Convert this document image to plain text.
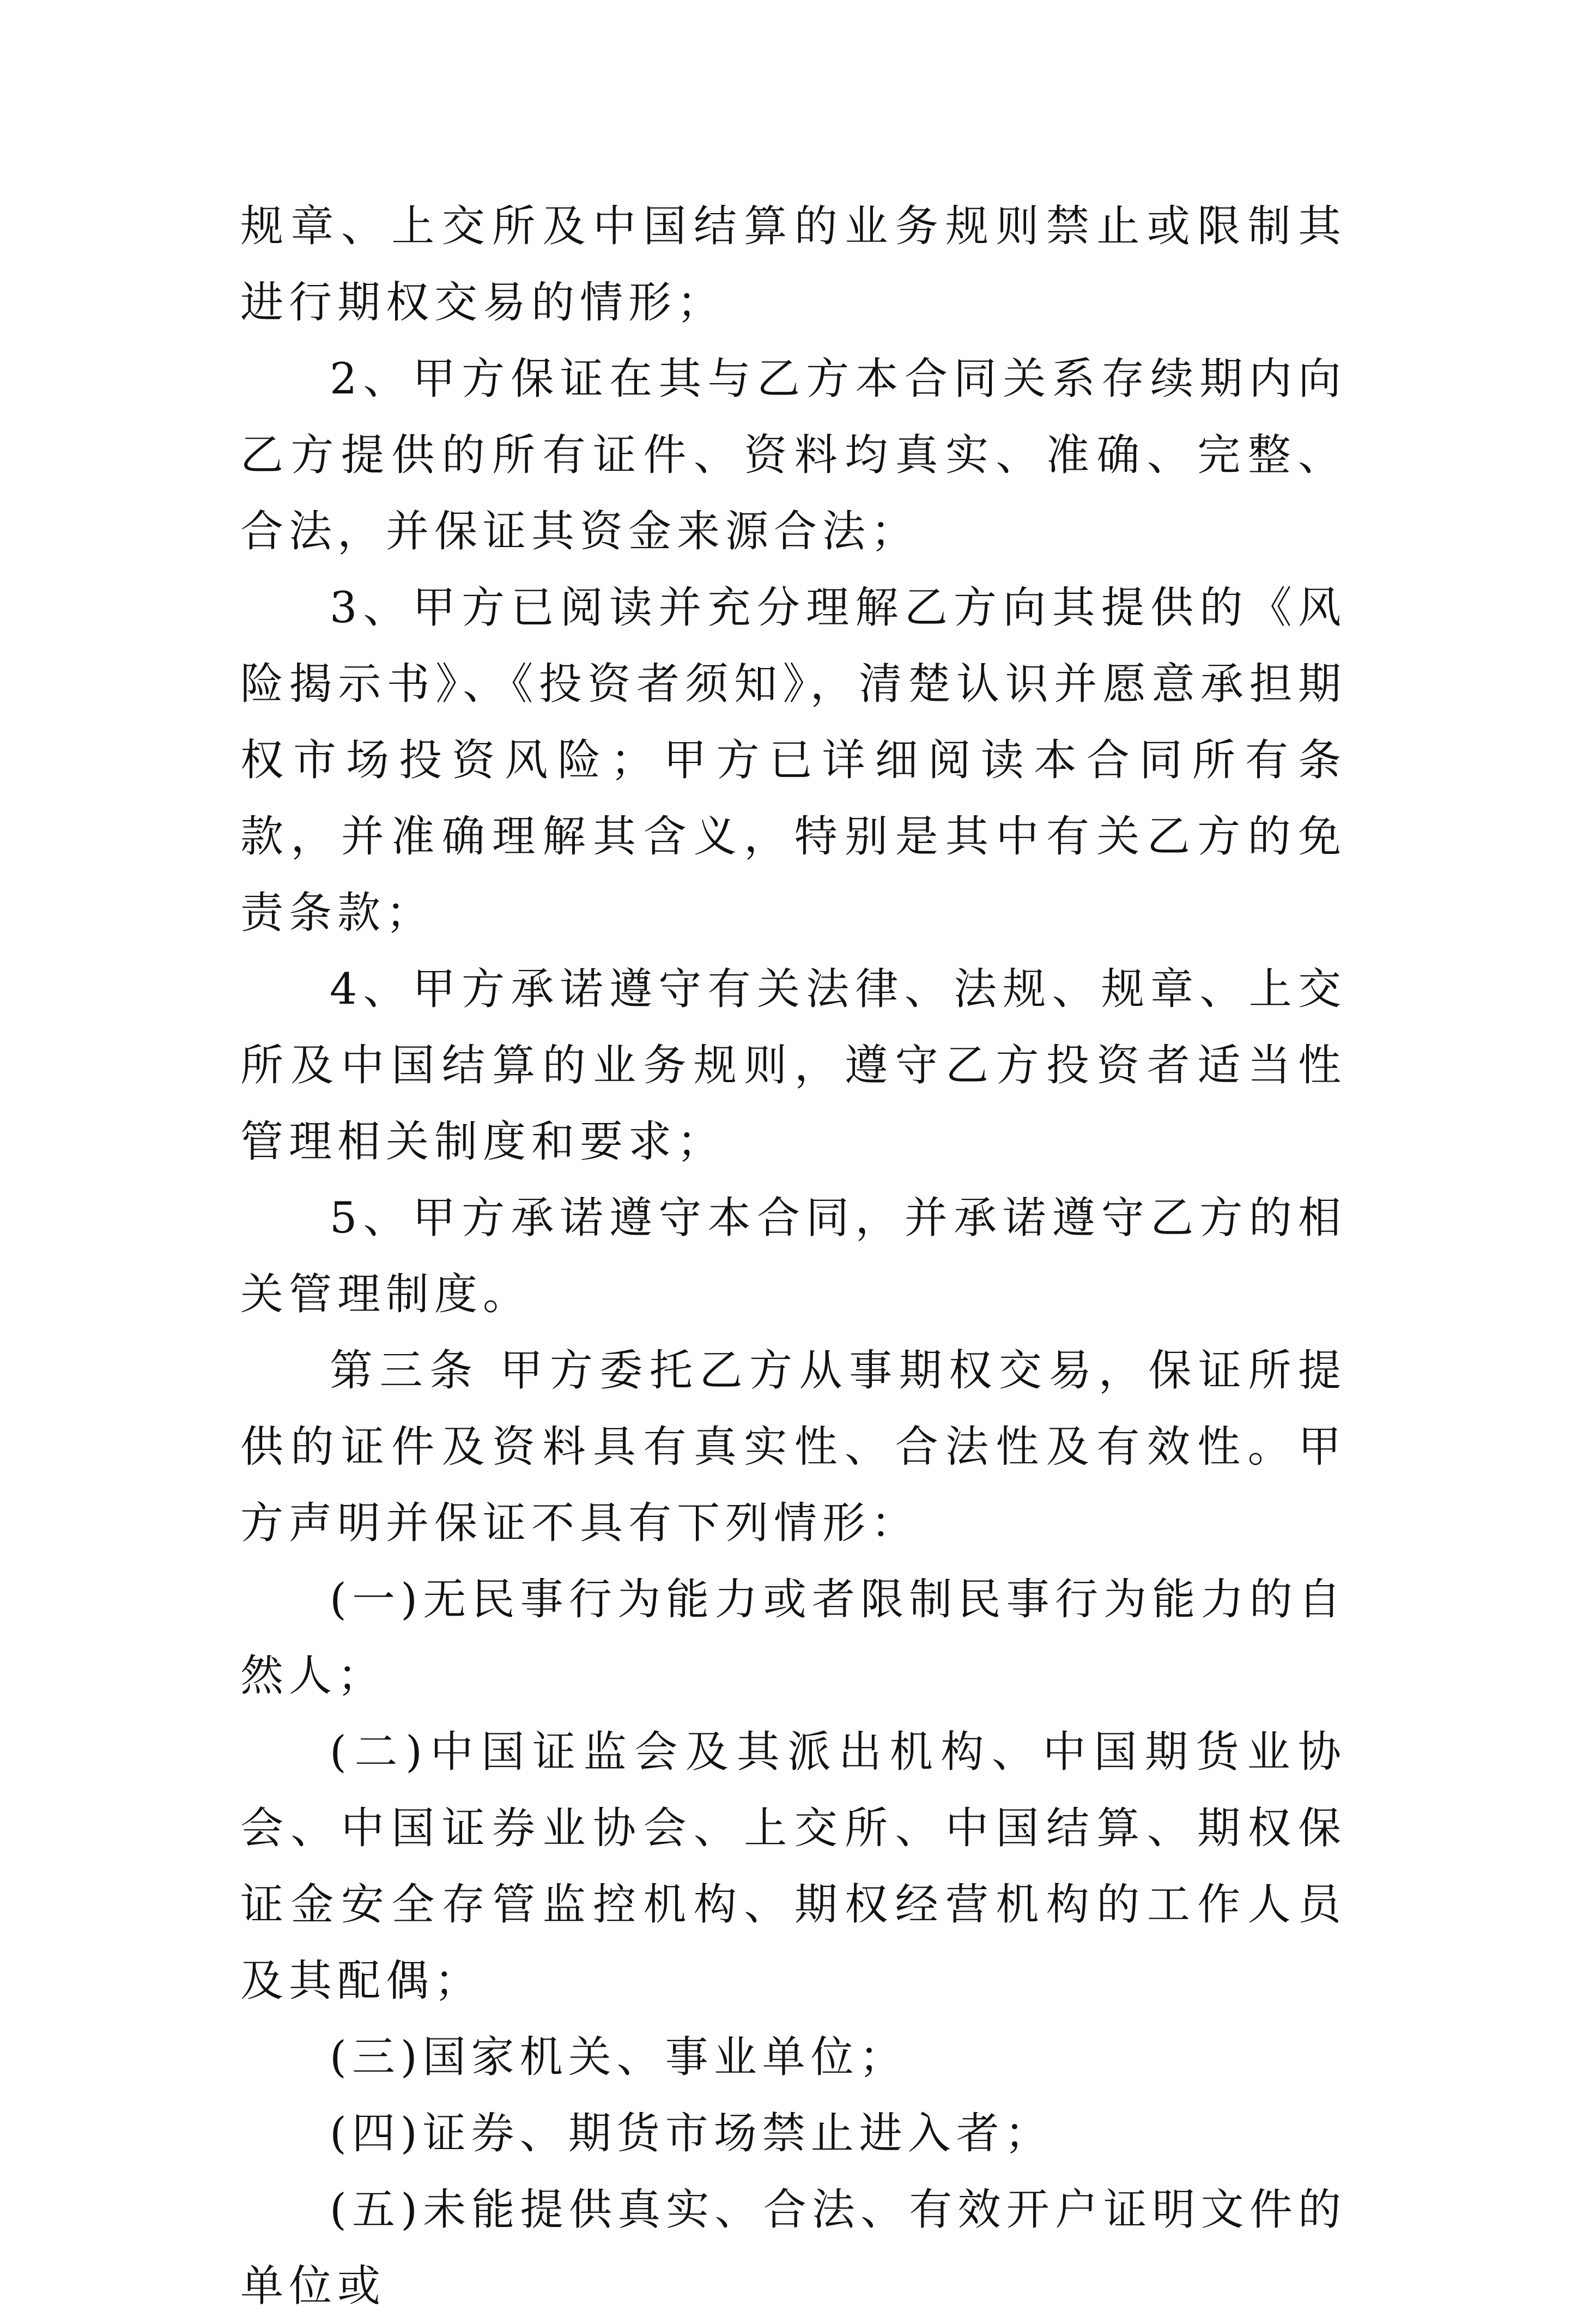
规章、上交所及中国结算的业务规则禁止或限制其进行期权交易的情形；

2、甲方保证在其与乙方本合同关系存续期内向乙方提供的所有证件、资料均真实、准确、完整、合法，并保证其资金来源合法；

3、甲方已阅读并充分理解乙方向其提供的《风险揭示书》、《投资者须知》，清楚认识并愿意承担期权市场投资风险；甲方已详细阅读本合同所有条款，并准确理解其含义，特别是其中有关乙方的免责条款；

4、甲方承诺遵守有关法律、法规、规章、上交所及中国结算的业务规则，遵守乙方投资者适当性管理相关制度和要求；

5、甲方承诺遵守本合同，并承诺遵守乙方的相关管理制度。

第三条 甲方委托乙方从事期权交易，保证所提供的证件及资料具有真实性、合法性及有效性。甲方声明并保证不具有下列情形：

(一)无民事行为能力或者限制民事行为能力的自然人；

(二)中国证监会及其派出机构、中国期货业协会、中国证券业协会、上交所、中国结算、期权保证金安全存管监控机构、期权经营机构的工作人员及其配偶；

(三)国家机关、事业单位；

(四)证券、期货市场禁止进入者；

(五)未能提供真实、合法、有效开户证明文件的单位或
